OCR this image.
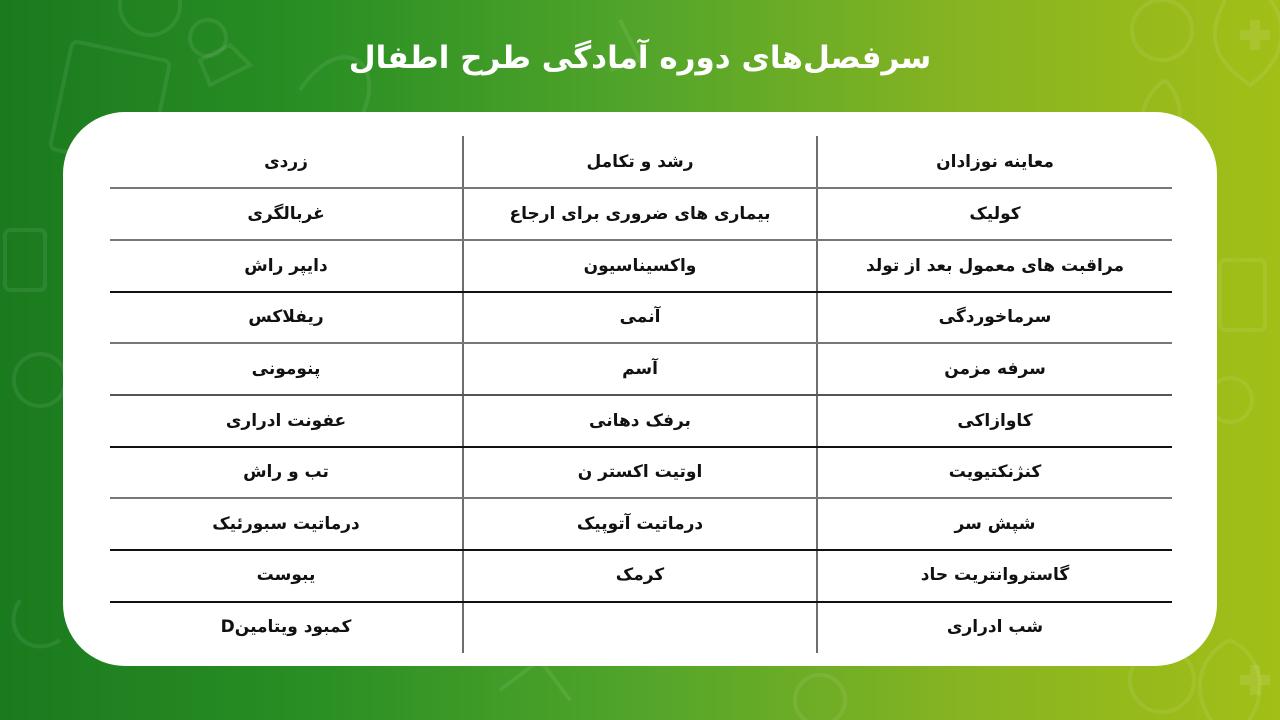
سرفصل‌های دوره آمادگی طرح اطفال
معاینه نوزادان
کولیک
مراقبت های معمول بعد از تولد
سرماخوردگی
سرفه مزمن
کاوازاکی
کنژنکتیویت
شپش سر
گاستروانتریت حاد
شب ادراری
رشد و تکامل
بیماری های ضروری برای ارجاع
واکسیناسیون
آنمی
آسم
برفک دهانی
اوتیت اکستر ن
درماتیت آتوپیک
کرمک
زردی
غربالگری
دایپر راش
ریفلاکس
پنومونی
عفونت ادراری
تب و راش
درماتیت سبورئیک
یبوست
کمبود ویتامینD
